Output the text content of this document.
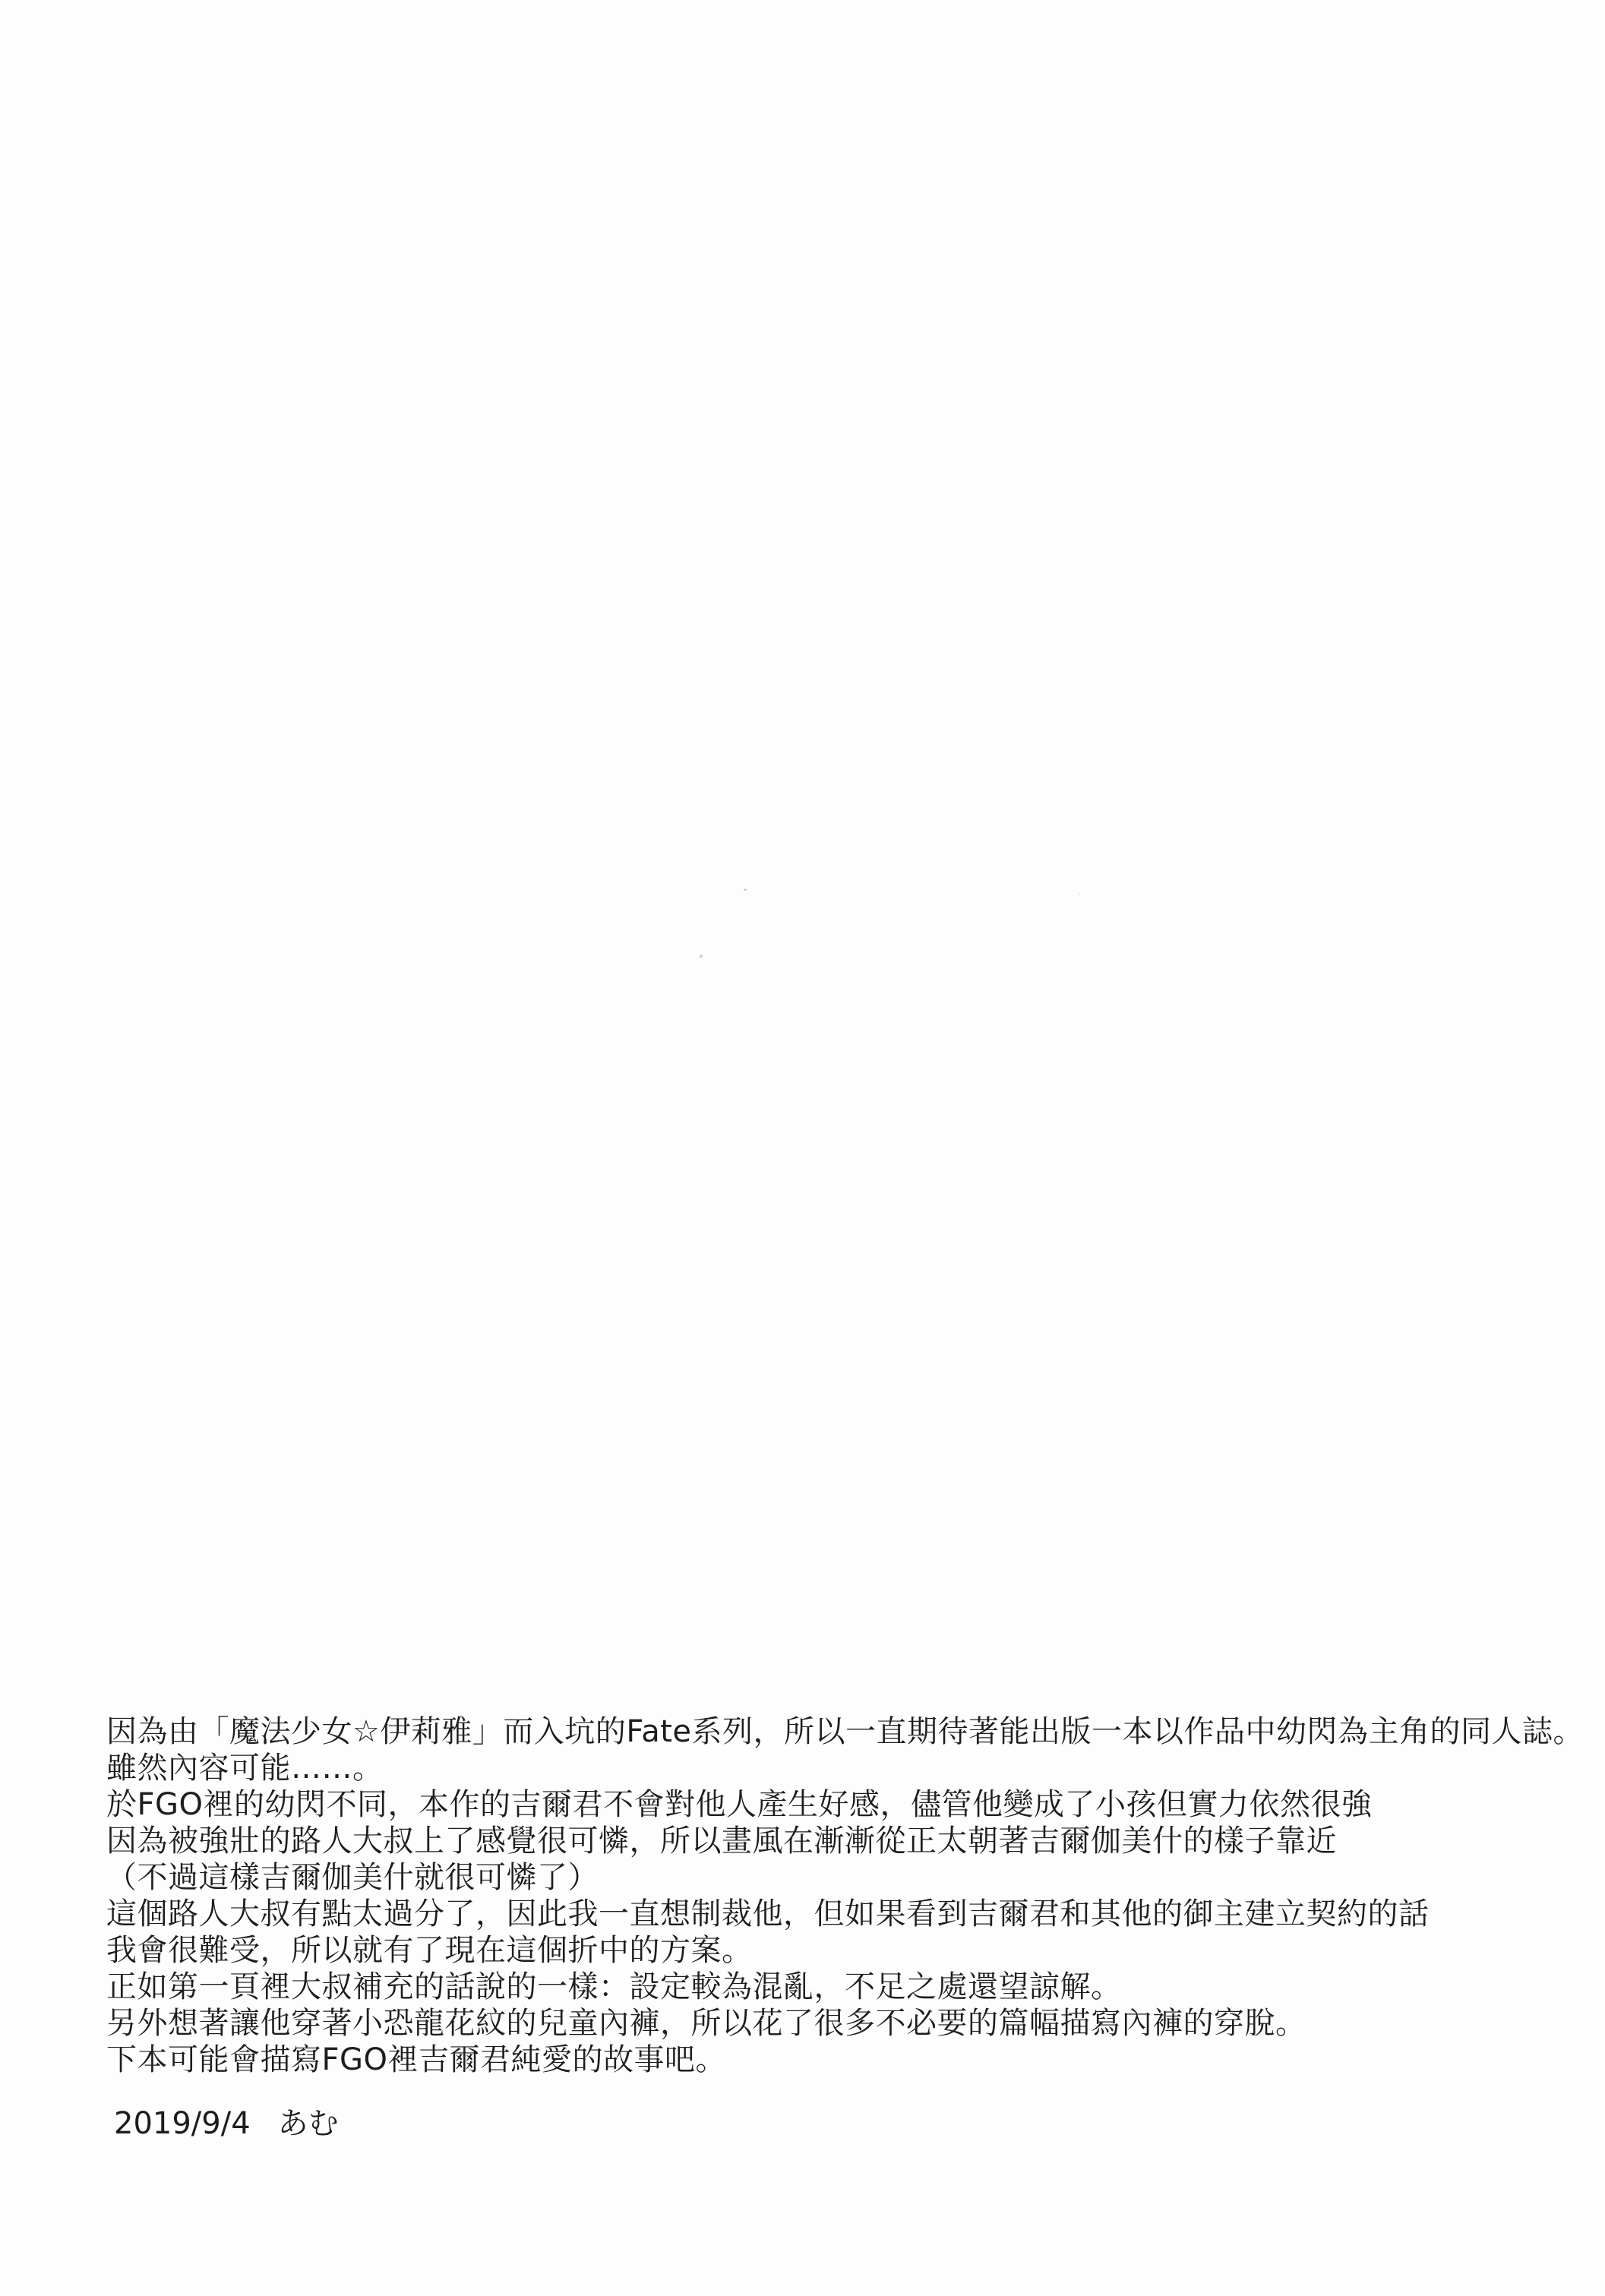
因為由「魔法少女☆伊莉雅」而入坑的Fate系列，所以一直期待著能出版一本以作品中幼閃為主角的同人誌。

雖然內容可能……。

於FGO裡的幼閃不同，本作的吉爾君不會對他人產生好感，儘管他變成了小孩但實力依然很強

因為被強壯的路人大叔上了感覺很可憐，所以畫風在漸漸從正太朝著吉爾伽美什的樣子靠近

（不過這樣吉爾伽美什就很可憐了）

這個路人大叔有點太過分了，因此我一直想制裁他，但如果看到吉爾君和其他的御主建立契約的話

我會很難受，所以就有了現在這個折中的方案。

正如第一頁裡大叔補充的話說的一樣：設定較為混亂，不足之處還望諒解。

另外想著讓他穿著小恐龍花紋的兒童內褲，所以花了很多不必要的篇幅描寫內褲的穿脫。

下本可能會描寫FGO裡吉爾君純愛的故事吧。

2019/9/4 あむ
